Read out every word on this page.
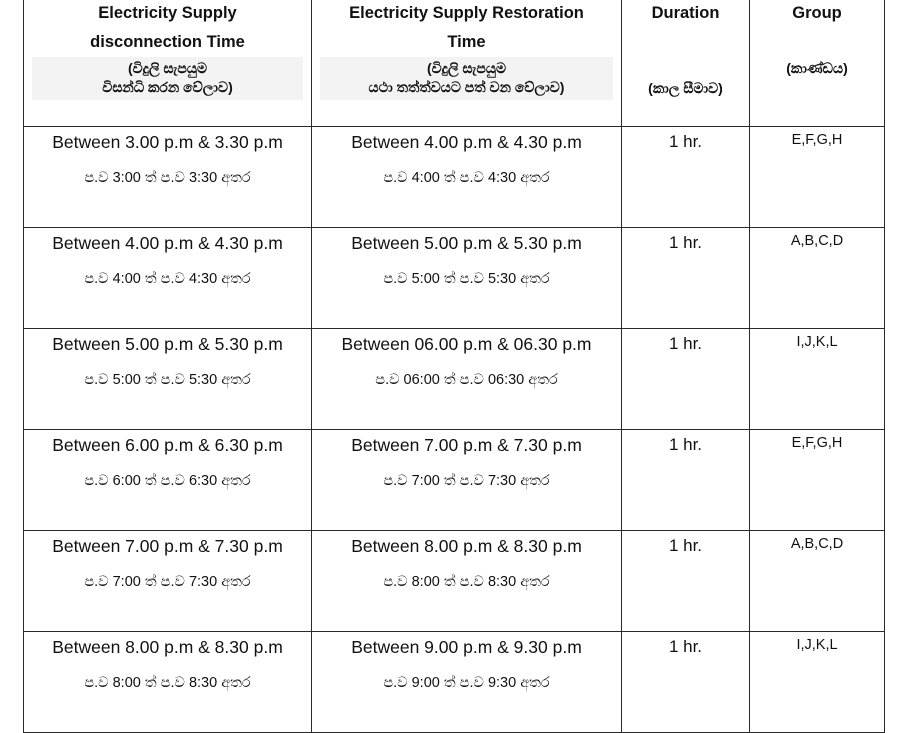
Electricity Supply
disconnection Time
(විදුලි සැපයුම
විසන්ධි කරන වේලාව)	Electricity Supply Restoration
Time
(විදුලි සැපයුම
යථා තත්ත්වයට පත් වන වේලාව)	Duration
(කාල සීමාව)	Group
(කාණ්ඩය)

Between 3.00 p.m & 3.30 p.m
ප.ව 3:00 ත් ප.ව 3:30 අතර	Between 4.00 p.m & 4.30 p.m
ප.ව 4:00 ත් ප.ව 4:30 අතර	1 hr.	E,F,G,H

Between 4.00 p.m & 4.30 p.m
ප.ව 4:00 ත් ප.ව 4:30 අතර	Between 5.00 p.m & 5.30 p.m
ප.ව 5:00 ත් ප.ව 5:30 අතර	1 hr.	A,B,C,D

Between 5.00 p.m & 5.30 p.m
ප.ව 5:00 ත් ප.ව 5:30 අතර	Between 06.00 p.m & 06.30 p.m
ප.ව 06:00 ත් ප.ව 06:30 අතර	1 hr.	I,J,K,L

Between 6.00 p.m & 6.30 p.m
ප.ව 6:00 ත් ප.ව 6:30 අතර	Between 7.00 p.m & 7.30 p.m
ප.ව 7:00 ත් ප.ව 7:30 අතර	1 hr.	E,F,G,H

Between 7.00 p.m & 7.30 p.m
ප.ව 7:00 ත් ප.ව 7:30 අතර	Between 8.00 p.m & 8.30 p.m
ප.ව 8:00 ත් ප.ව 8:30 අතර	1 hr.	A,B,C,D

Between 8.00 p.m & 8.30 p.m
ප.ව 8:00 ත් ප.ව 8:30 අතර	Between 9.00 p.m & 9.30 p.m
ප.ව 9:00 ත් ප.ව 9:30 අතර	1 hr.	I,J,K,L
